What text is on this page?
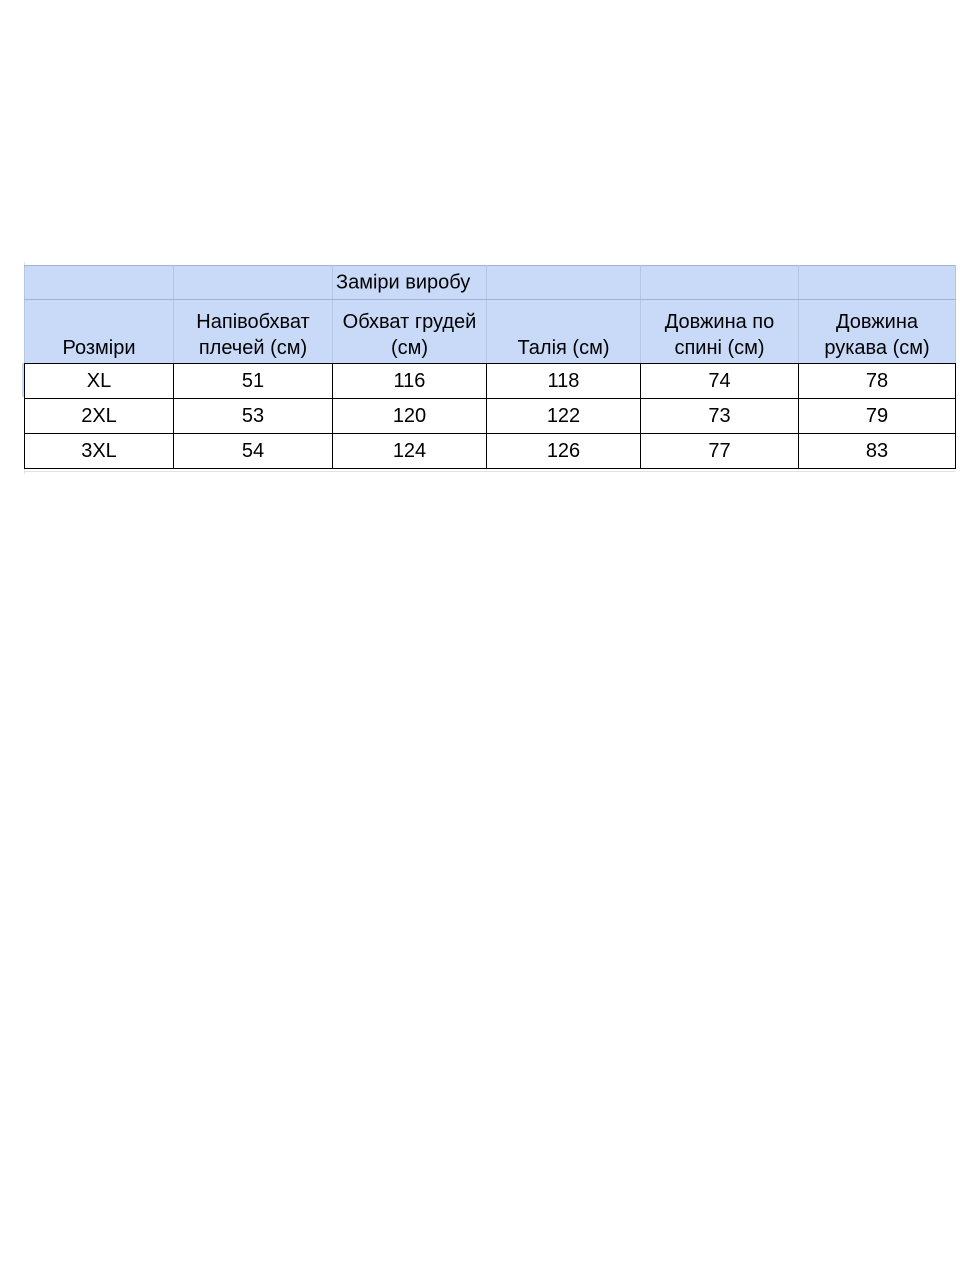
		Заміри виробу			

Розміри	Напівобхват плечей (см)	Обхват грудей (см)	Талія (см)	Довжина по спині (см)	Довжина рукава (см)
XL	51	116	118	74	78
2XL	53	120	122	73	79
3XL	54	124	126	77	83
